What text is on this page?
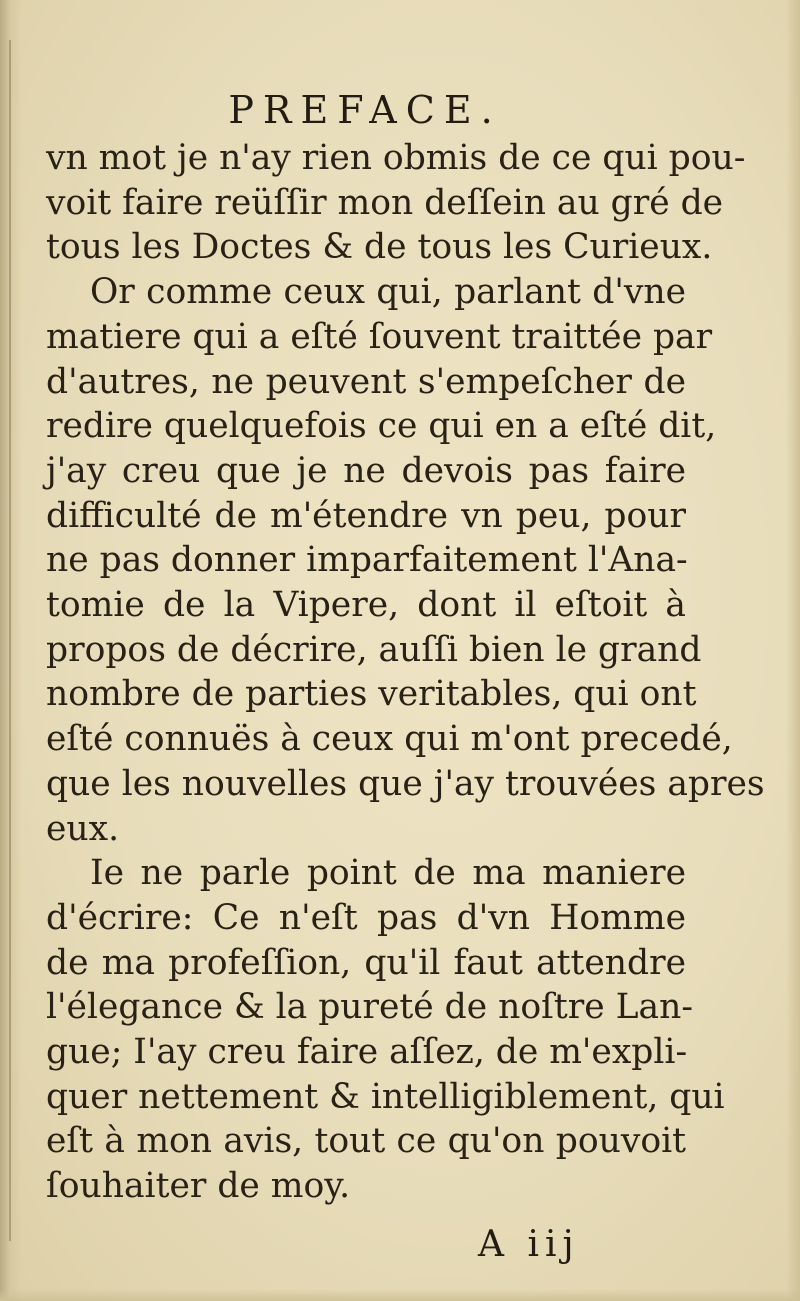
PREFACE.
vn mot je n'ay rien obmis de ce qui pou-
voit faire reüſſir mon deſſein au gré de
tous les Doctes & de tous les Curieux.
Or comme ceux qui, parlant d'vne
matiere qui a eſté ſouvent traittée par
d'autres, ne peuvent s'empeſcher de
redire quelquefois ce qui en a eſté dit,
j'ay creu que je ne devois pas faire
difficulté de m'étendre vn peu, pour
ne pas donner imparfaitement l'Ana-
tomie de la Vipere, dont il eſtoit à
propos de décrire, auſſi bien le grand
nombre de parties veritables, qui ont
eſté connuës à ceux qui m'ont precedé,
que les nouvelles que j'ay trouvées apres
eux.
Ie ne parle point de ma maniere
d'écrire: Ce n'eſt pas d'vn Homme
de ma profeſſion, qu'il faut attendre
l'élegance & la pureté de noſtre Lan-
gue; I'ay creu faire aſſez, de m'expli-
quer nettement & intelligiblement, qui
eſt à mon avis, tout ce qu'on pouvoit
ſouhaiter de moy.
A iij
